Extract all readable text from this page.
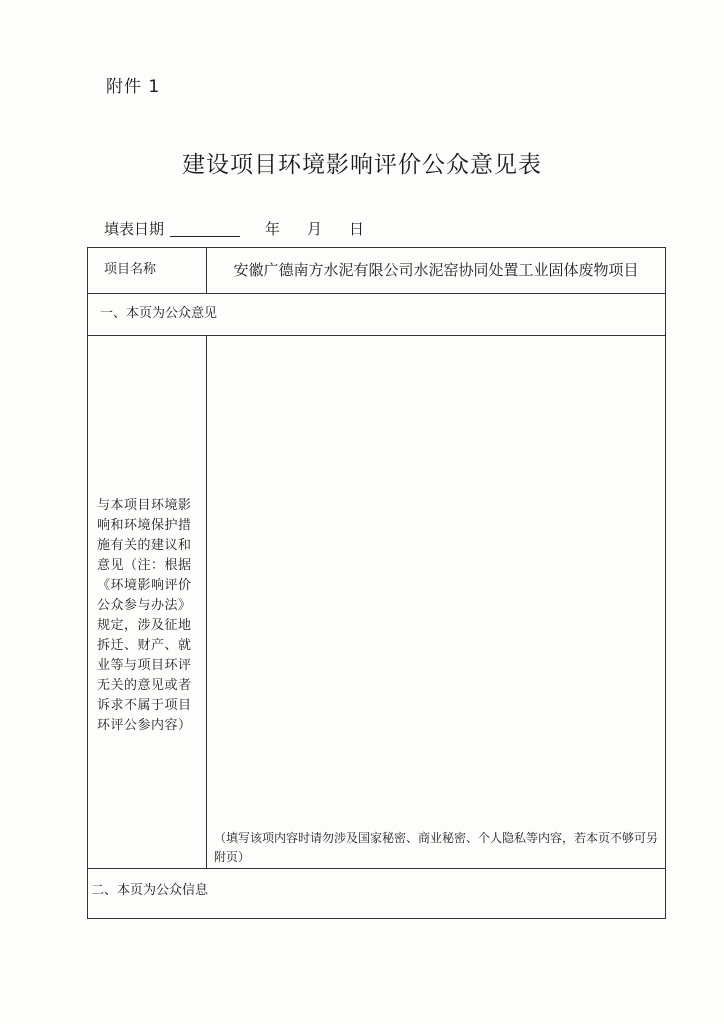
附件 1
建设项目环境影响评价公众意见表
填表日期	年	月	日
项目名称	安徽广德南方水泥有限公司水泥窑协同处置工业固体废物项目
一、本页为公众意见
与本项目环境影响和环境保护措施有关的建议和意见（注：根据《环境影响评价公众参与办法》规定，涉及征地拆迁、财产、就业等与项目环评无关的意见或者诉求不属于项目环评公参内容）
（填写该项内容时请勿涉及国家秘密、商业秘密、个人隐私等内容，若本页不够可另附页）
二、本页为公众信息
